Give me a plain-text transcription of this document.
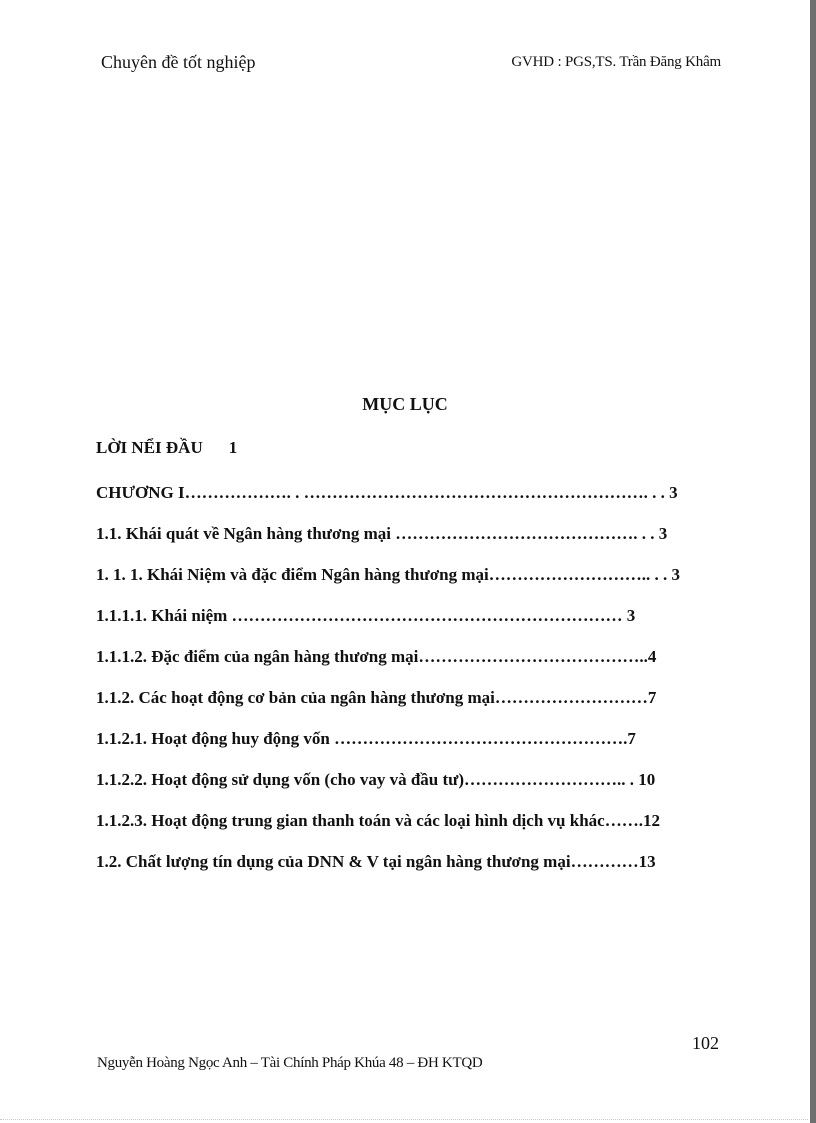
Chuyên đề tốt nghiệp	GVHD : PGS,TS. Trần Đăng Khâm
MỤC LỤC

LỜI NỂI ĐẦU 1

CHƯƠNG I………………. . ……………………………………………………. . . 3

1.1. Khái quát về Ngân hàng thương mại ……………………………………. . . 3

1. 1. 1. Khái Niệm và đặc điểm Ngân hàng thương mại……………………….. . . 3

1.1.1.1. Khái niệm …………………………………………………………… 3

1.1.1.2. Đặc điểm của ngân hàng thương mại…………………………………..4

1.1.2. Các hoạt động cơ bản của ngân hàng thương mại………………………7

1.1.2.1. Hoạt động huy động vốn …………………………………………….7

1.1.2.2. Hoạt động sử dụng vốn (cho vay và đầu tư)……………………….. . 10

1.1.2.3. Hoạt động trung gian thanh toán và các loại hình dịch vụ khác…….12

1.2. Chất lượng tín dụng của DNN & V tại ngân hàng thương mại…………13

102
Nguyễn Hoàng Ngọc Anh – Tài Chính Pháp Khúa 48 – ĐH KTQD
